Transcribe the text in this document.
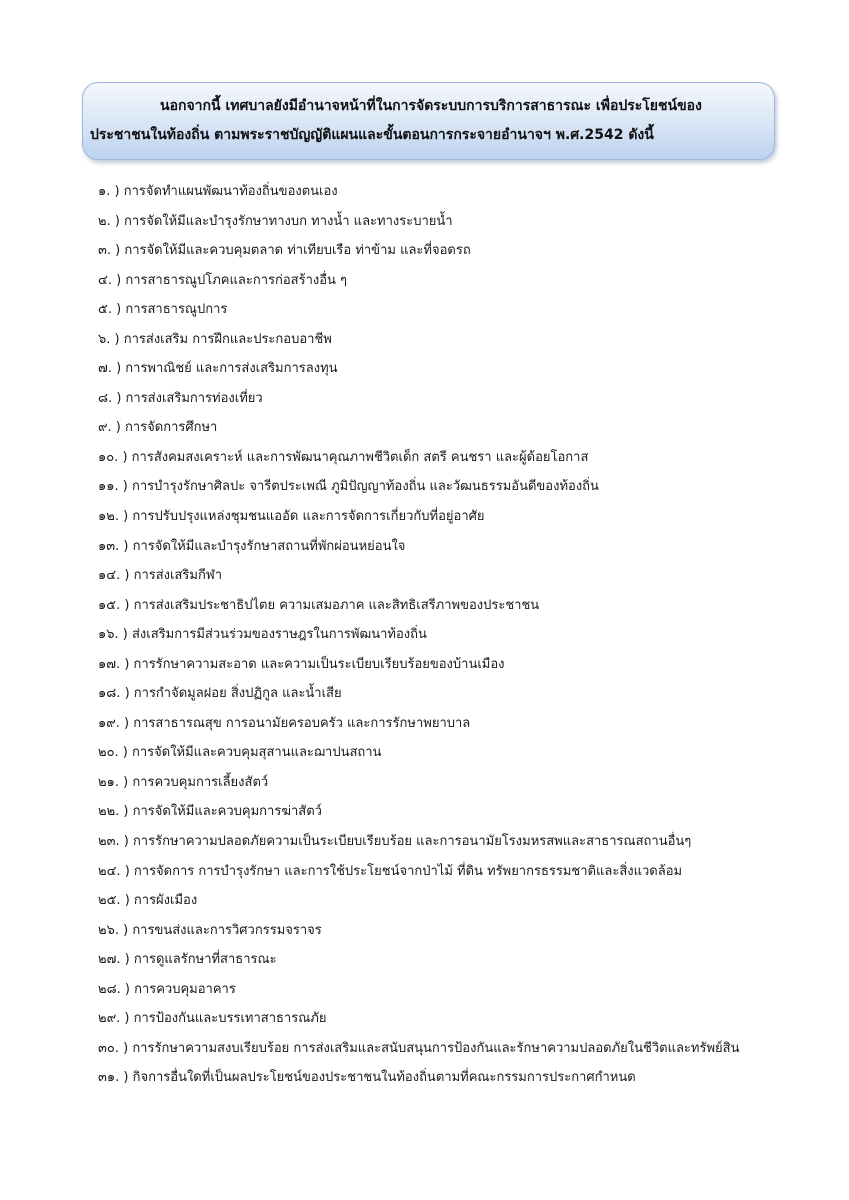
นอกจากนี้ เทศบาลยังมีอำนาจหน้าที่ในการจัดระบบการบริการสาธารณะ เพื่อประโยชน์ของ
ประชาชนในท้องถิ่น ตามพระราชบัญญัติแผนและขั้นตอนการกระจายอำนาจฯ พ.ศ.2542 ดังนี้
๑. ) การจัดทำแผนพัฒนาท้องถิ่นของตนเอง
๒. ) การจัดให้มีและบำรุงรักษาทางบก ทางน้ำ และทางระบายน้ำ
๓. ) การจัดให้มีและควบคุมตลาด ท่าเทียบเรือ ท่าข้าม และที่จอดรถ
๔. ) การสาธารณูปโภคและการก่อสร้างอื่น ๆ
๕. ) การสาธารณูปการ
๖. ) การส่งเสริม การฝึกและประกอบอาชีพ
๗. ) การพาณิชย์ และการส่งเสริมการลงทุน
๘. ) การส่งเสริมการท่องเที่ยว
๙. ) การจัดการศึกษา
๑๐. ) การสังคมสงเคราะห์ และการพัฒนาคุณภาพชีวิตเด็ก สตรี คนชรา และผู้ด้อยโอกาส
๑๑. ) การบำรุงรักษาศิลปะ จารีตประเพณี ภูมิปัญญาท้องถิ่น และวัฒนธรรมอันดีของท้องถิ่น
๑๒. ) การปรับปรุงแหล่งชุมชนแออัด และการจัดการเกี่ยวกับที่อยู่อาศัย
๑๓. ) การจัดให้มีและบำรุงรักษาสถานที่พักผ่อนหย่อนใจ
๑๔. ) การส่งเสริมกีฬา
๑๕. ) การส่งเสริมประชาธิปไตย ความเสมอภาค และสิทธิเสรีภาพของประชาชน
๑๖. ) ส่งเสริมการมีส่วนร่วมของราษฎรในการพัฒนาท้องถิ่น
๑๗. ) การรักษาความสะอาด และความเป็นระเบียบเรียบร้อยของบ้านเมือง
๑๘. ) การกำจัดมูลฝอย สิ่งปฏิกูล และน้ำเสีย
๑๙. ) การสาธารณสุข การอนามัยครอบครัว และการรักษาพยาบาล
๒๐. ) การจัดให้มีและควบคุมสุสานและฌาปนสถาน
๒๑. ) การควบคุมการเลี้ยงสัตว์
๒๒. ) การจัดให้มีและควบคุมการฆ่าสัตว์
๒๓. ) การรักษาความปลอดภัยความเป็นระเบียบเรียบร้อย และการอนามัยโรงมหรสพและสาธารณสถานอื่นๆ
๒๔. ) การจัดการ การบำรุงรักษา และการใช้ประโยชน์จากป่าไม้ ที่ดิน ทรัพยากรธรรมชาติและสิ่งแวดล้อม
๒๕. ) การผังเมือง
๒๖. ) การขนส่งและการวิศวกรรมจราจร
๒๗. ) การดูแลรักษาที่สาธารณะ
๒๘. ) การควบคุมอาคาร
๒๙. ) การป้องกันและบรรเทาสาธารณภัย
๓๐. ) การรักษาความสงบเรียบร้อย การส่งเสริมและสนับสนุนการป้องกันและรักษาความปลอดภัยในชีวิตและทรัพย์สิน
๓๑. ) กิจการอื่นใดที่เป็นผลประโยชน์ของประชาชนในท้องถิ่นตามที่คณะกรรมการประกาศกำหนด
